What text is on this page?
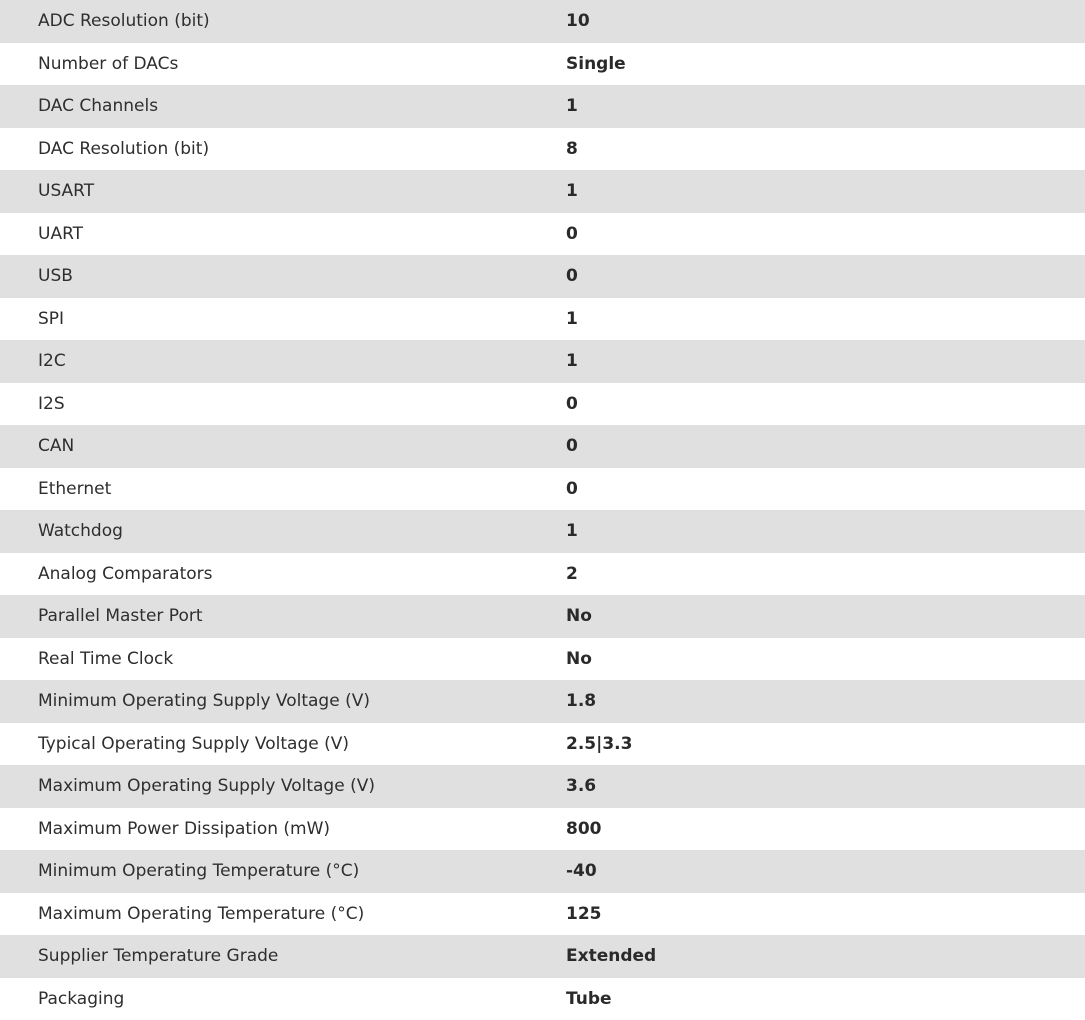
ADC Resolution (bit)	10
Number of DACs	Single
DAC Channels	1
DAC Resolution (bit)	8
USART	1
UART	0
USB	0
SPI	1
I2C	1
I2S	0
CAN	0
Ethernet	0
Watchdog	1
Analog Comparators	2
Parallel Master Port	No
Real Time Clock	No
Minimum Operating Supply Voltage (V)	1.8
Typical Operating Supply Voltage (V)	2.5|3.3
Maximum Operating Supply Voltage (V)	3.6
Maximum Power Dissipation (mW)	800
Minimum Operating Temperature (°C)	-40
Maximum Operating Temperature (°C)	125
Supplier Temperature Grade	Extended
Packaging	Tube
